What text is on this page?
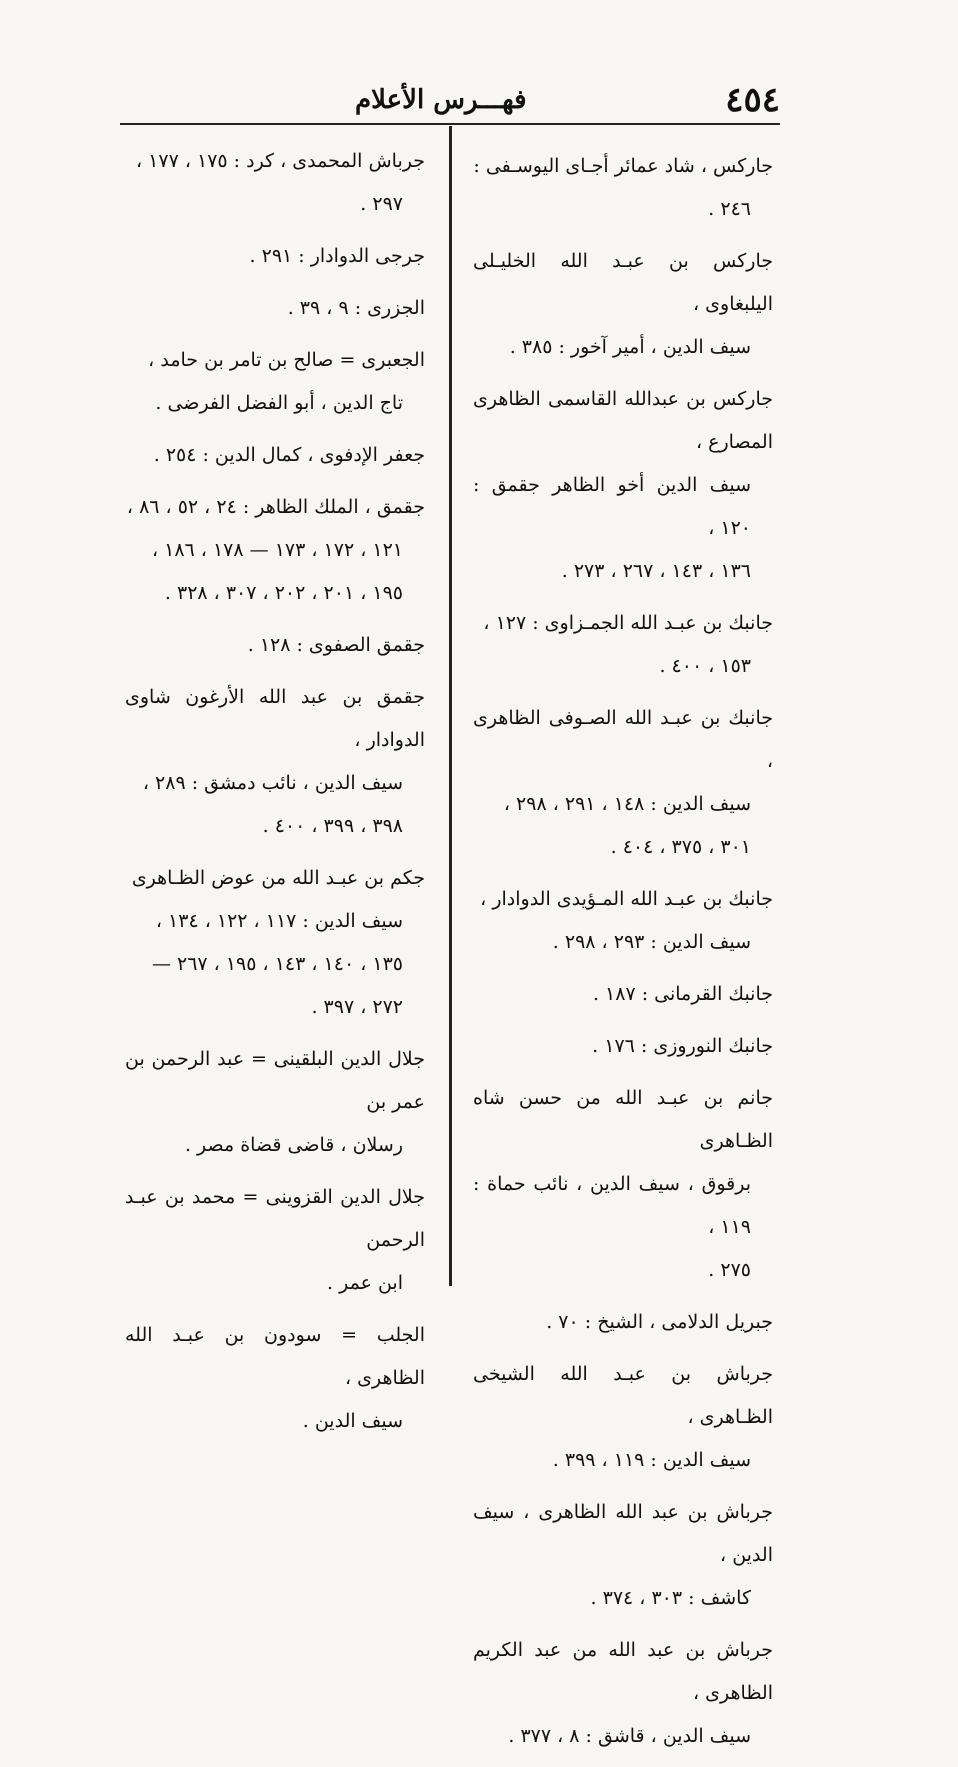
٤٥٤
فهـــرس الأعلام
جاركس ، شاد عمائر أجـاى اليوسـفى :
٢٤٦ .
جاركس بن عبـد الله الخليـلى اليلبغاوى ،
سيف الدين ، أمير آخور : ٣٨٥ .
جاركس بن عبدالله القاسمى الظاهرى المصارع ،
سيف الدين أخو الظاهر جقمق : ١٢٠ ،
١٣٦ ، ١٤٣ ، ٢٦٧ ، ٢٧٣ .
جانبك بن عبـد الله الجمـزاوى : ١٢٧ ،
١٥٣ ، ٤٠٠ .
جانبك بن عبـد الله الصـوفى الظاهرى ،
سيف الدين : ١٤٨ ، ٢٩١ ، ٢٩٨ ،
٣٠١ ، ٣٧٥ ، ٤٠٤ .
جانبك بن عبـد الله المـؤيدى الدوادار ،
سيف الدين : ٢٩٣ ، ٢٩٨ .
جانبك القرمانى : ١٨٧ .
جانبك النوروزى : ١٧٦ .
جانم بن عبـد الله من حسن شاه الظـاهرى
برقوق ، سيف الدين ، نائب حماة : ١١٩ ،
٢٧٥ .
جبريل الدلامى ، الشيخ : ٧٠ .
جرباش بن عبـد الله الشيخى الظـاهرى ،
سيف الدين : ١١٩ ، ٣٩٩ .
جرباش بن عبد الله الظاهرى ، سيف الدين ،
كاشف : ٣٠٣ ، ٣٧٤ .
جرباش بن عبد الله من عبد الكريم الظاهرى ،
سيف الدين ، قاشق : ٨ ، ٣٧٧ .
جرباش المحمدى ، كرد : ١٧٥ ، ١٧٧ ،
٢٩٧ .
جرجى الدوادار : ٢٩١ .
الجزرى : ٩ ، ٣٩ .
الجعبرى = صالح بن تامر بن حامد ،
تاج الدين ، أبو الفضل الفرضى .
جعفر الإدفوى ، كمال الدين : ٢٥٤ .
جقمق ، الملك الظاهر : ٢٤ ، ٥٢ ، ٨٦ ،
١٢١ ، ١٧٢ ، ١٧٣ — ١٧٨ ، ١٨٦ ،
١٩٥ ، ٢٠١ ، ٢٠٢ ، ٣٠٧ ، ٣٢٨ .
جقمق الصفوى : ١٢٨ .
جقمق بن عبد الله الأرغون شاوى الدوادار ،
سيف الدين ، نائب دمشق : ٢٨٩ ،
٣٩٨ ، ٣٩٩ ، ٤٠٠ .
جكم بن عبـد الله من عوض الظـاهرى
سيف الدين : ١١٧ ، ١٢٢ ، ١٣٤ ،
١٣٥ ، ١٤٠ ، ١٤٣ ، ١٩٥ ، ٢٦٧ —
٢٧٢ ، ٣٩٧ .
جلال الدين البلقينى = عبد الرحمن بن عمر بن
رسلان ، قاضى قضاة مصر .
جلال الدين القزوينى = محمد بن عبـد الرحمن
ابن عمر .
الجلب = سودون بن عبـد الله الظاهرى ،
سيف الدين .
